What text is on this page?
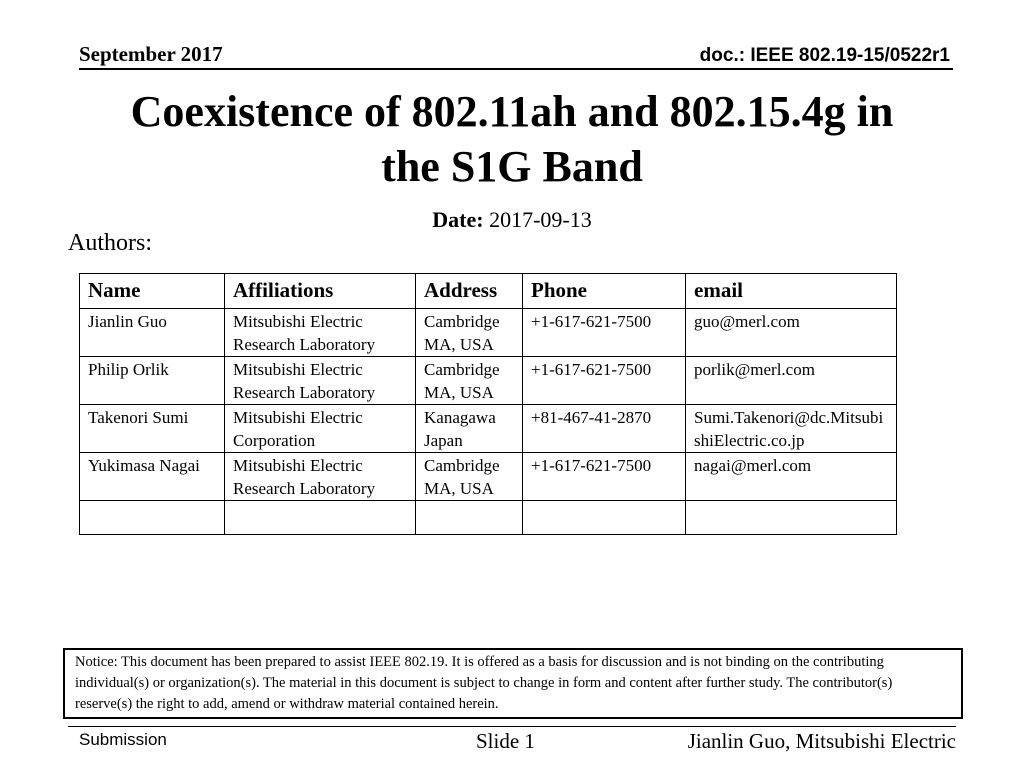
September 2017	doc.: IEEE 802.19-15/0522r1
Coexistence of 802.11ah and 802.15.4g in
the S1G Band
Date: 2017-09-13
Authors:
Name	Affiliations	Address	Phone	email
Jianlin Guo	Mitsubishi Electric Research Laboratory	Cambridge MA, USA	+1-617-621-7500	guo@merl.com
Philip Orlik	Mitsubishi Electric Research Laboratory	Cambridge MA, USA	+1-617-621-7500	porlik@merl.com
Takenori Sumi	Mitsubishi Electric Corporation	Kanagawa Japan	+81-467-41-2870	Sumi.Takenori@dc.MitsubishiElectric.co.jp
Yukimasa Nagai	Mitsubishi Electric Research Laboratory	Cambridge MA, USA	+1-617-621-7500	nagai@merl.com

Notice: This document has been prepared to assist IEEE 802.19. It is offered as a basis for discussion and is not binding on the contributing individual(s) or organization(s). The material in this document is subject to change in form and content after further study. The contributor(s) reserve(s) the right to add, amend or withdraw material contained herein.
Submission	Slide 1	Jianlin Guo, Mitsubishi Electric
